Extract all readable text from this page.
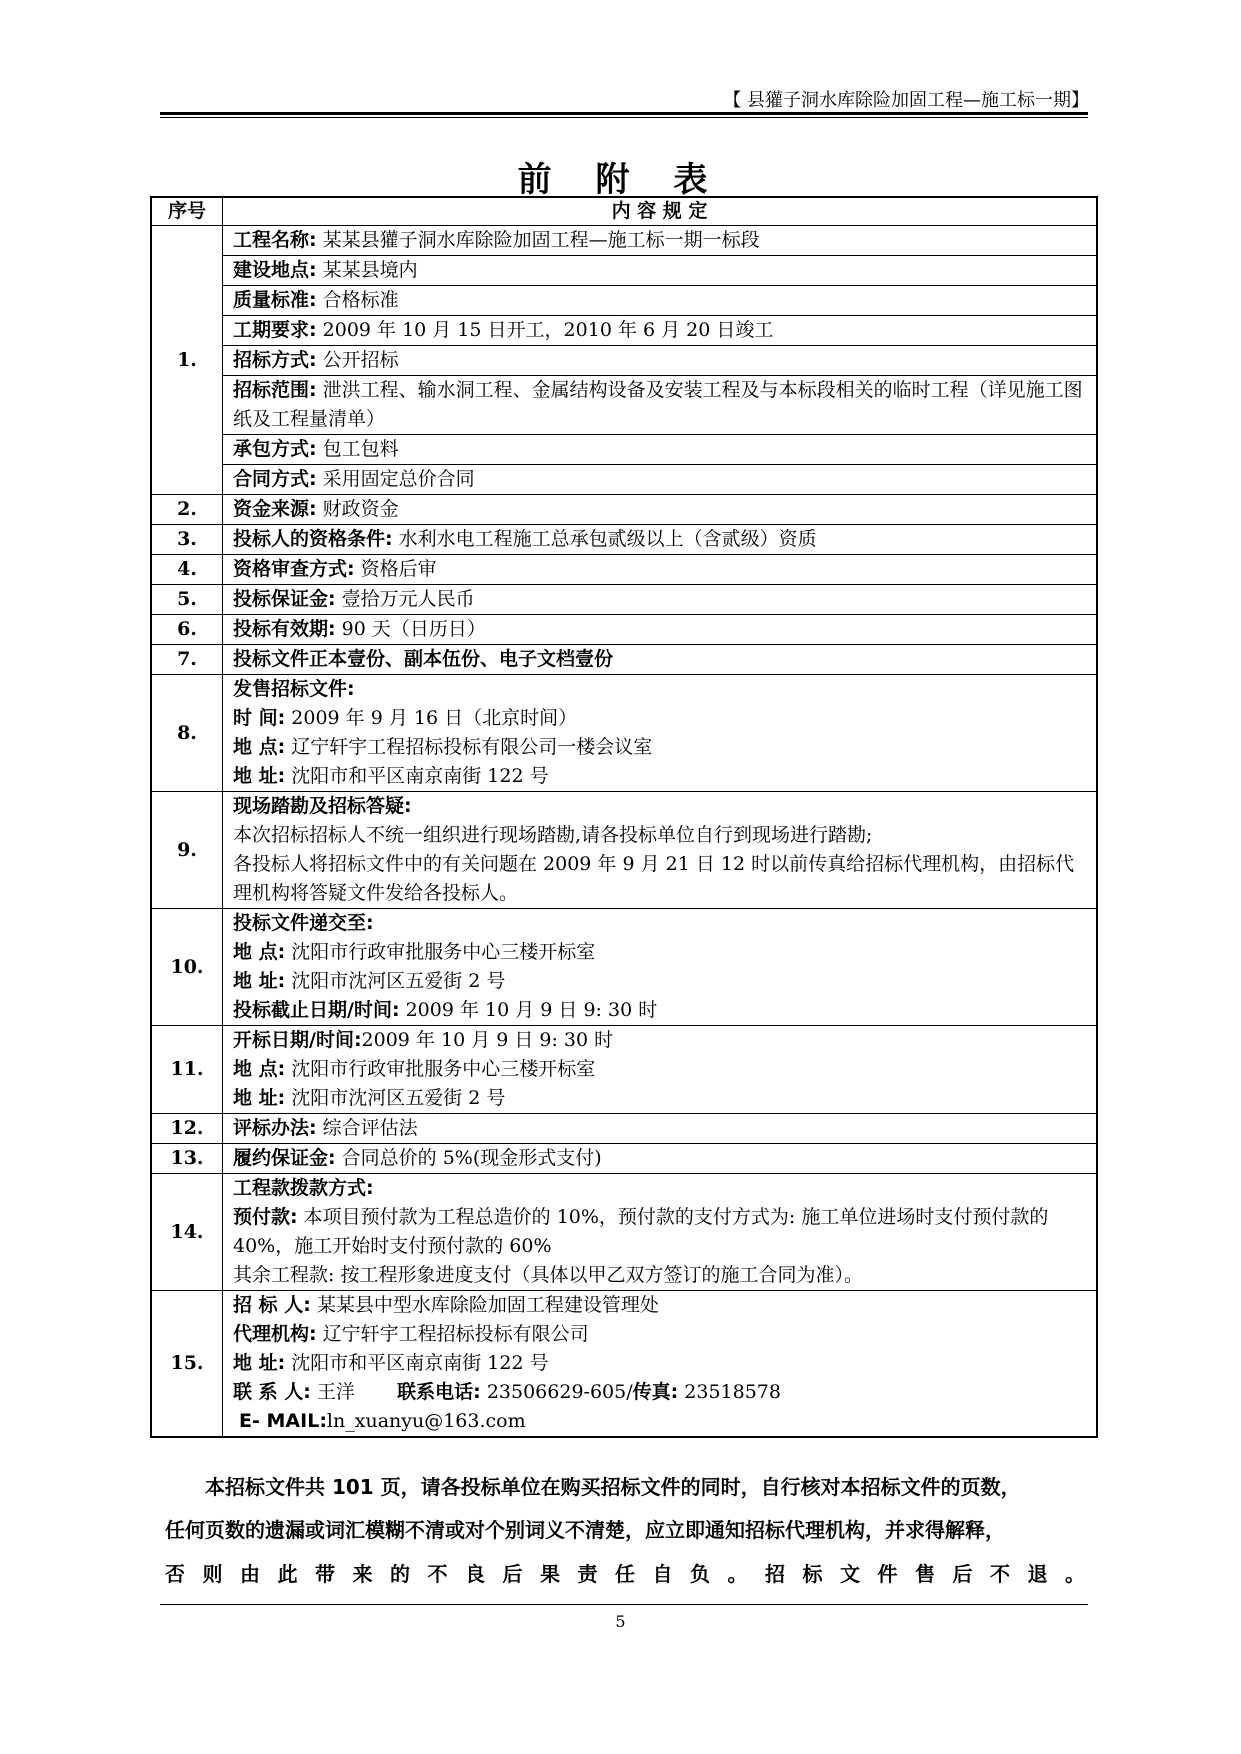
【 县獾子洞水库除险加固工程—施工标一期】
前 附 表
序号	内 容 规 定
1.	工程名称: 某某县獾子洞水库除险加固工程—施工标一期一标段
	建设地点: 某某县境内
	质量标准: 合格标准
	工期要求: 2009 年 10 月 15 日开工，2010 年 6 月 20 日竣工
	招标方式: 公开招标
	招标范围: 泄洪工程、输水洞工程、金属结构设备及安装工程及与本标段相关的临时工程（详见施工图纸及工程量清单）
	承包方式: 包工包料
	合同方式: 采用固定总价合同
2.	资金来源: 财政资金
3.	投标人的资格条件: 水利水电工程施工总承包贰级以上（含贰级）资质
4.	资格审查方式: 资格后审
5.	投标保证金: 壹拾万元人民币
6.	投标有效期: 90 天（日历日）
7.	投标文件正本壹份、副本伍份、电子文档壹份
8.	发售招标文件:
时 间: 2009 年 9 月 16 日（北京时间）
地 点: 辽宁轩宇工程招标投标有限公司一楼会议室
地 址: 沈阳市和平区南京南街 122 号

9.	现场踏勘及招标答疑:
本次招标招标人不统一组织进行现场踏勘,请各投标单位自行到现场进行踏勘;
各投标人将招标文件中的有关问题在 2009 年 9 月 21 日 12 时以前传真给招标代理机构，由招标代理机构将答疑文件发给各投标人。

10.	投标文件递交至:
地 点: 沈阳市行政审批服务中心三楼开标室
地 址: 沈阳市沈河区五爱街 2 号
投标截止日期/时间: 2009 年 10 月 9 日 9: 30 时

11.	开标日期/时间:2009 年 10 月 9 日 9: 30 时
地 点: 沈阳市行政审批服务中心三楼开标室
地 址: 沈阳市沈河区五爱街 2 号

12.	评标办法: 综合评估法
13.	履约保证金: 合同总价的 5%(现金形式支付)
14.	工程款拨款方式:
预付款: 本项目预付款为工程总造价的 10%，预付款的支付方式为: 施工单位进场时支付预付款的 40%，施工开始时支付预付款的 60%
其余工程款: 按工程形象进度支付（具体以甲乙双方签订的施工合同为准）。

15.	招 标 人: 某某县中型水库除险加固工程建设管理处
代理机构: 辽宁轩宇工程招标投标有限公司
地 址: 沈阳市和平区南京南街 122 号
联 系 人: 王洋 联系电话: 23506629-605/传真: 23518578
E- MAIL:ln_xuanyu@163.com
本招标文件共 101 页，请各投标单位在购买招标文件的同时，自行核对本招标文件的页数，
任何页数的遗漏或词汇模糊不清或对个别词义不清楚，应立即通知招标代理机构，并求得解释，
否则由此带来的不良后果责任自负。招标文件售后不退。
5
